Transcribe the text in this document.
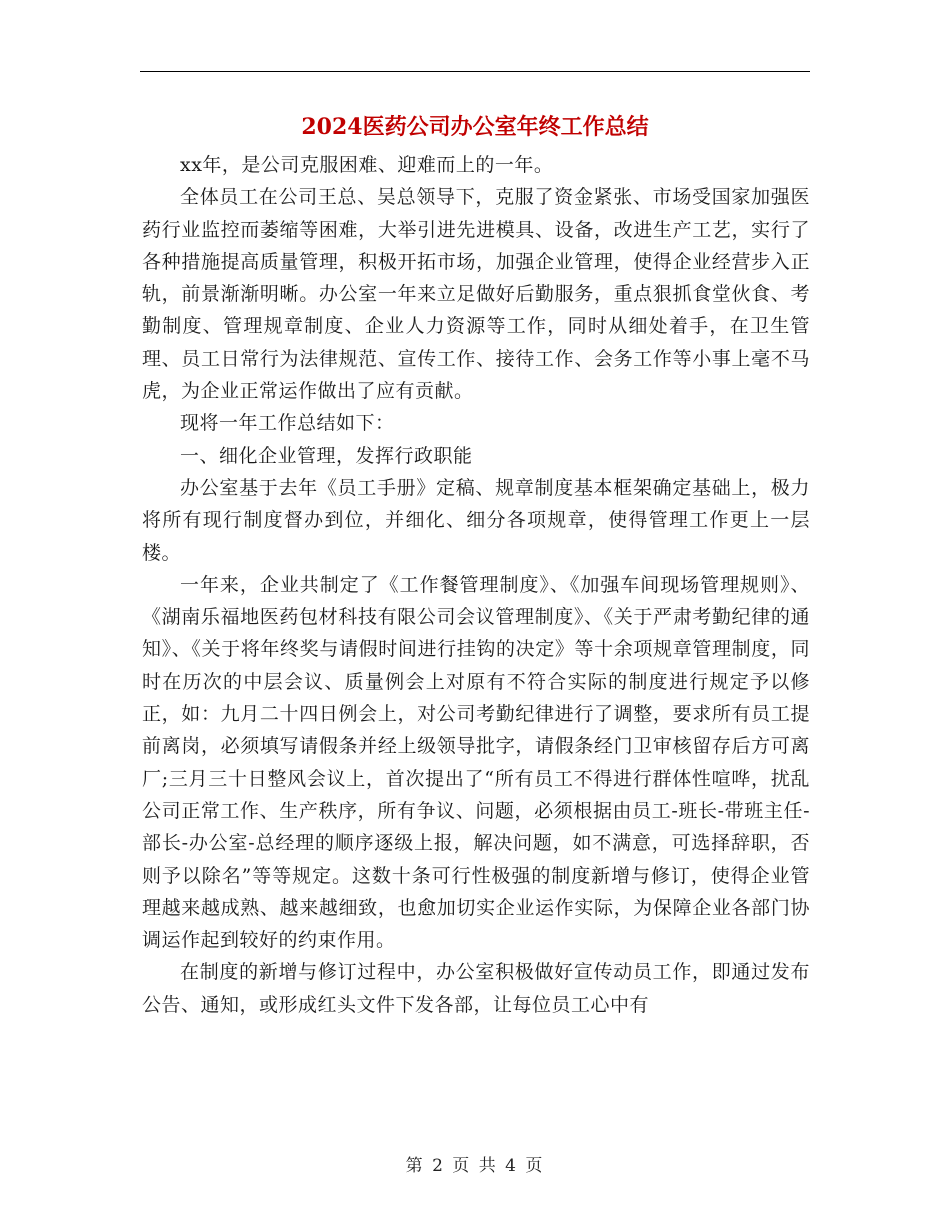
2024医药公司办公室年终工作总结

xx年，是公司克服困难、迎难而上的一年。

全体员工在公司王总、吴总领导下，克服了资金紧张、市场受国家加强医药行业监控而萎缩等困难，大举引进先进模具、设备，改进生产工艺，实行了各种措施提高质量管理，积极开拓市场，加强企业管理，使得企业经营步入正轨，前景渐渐明晰。办公室一年来立足做好后勤服务，重点狠抓食堂伙食、考勤制度、管理规章制度、企业人力资源等工作，同时从细处着手，在卫生管理、员工日常行为法律规范、宣传工作、接待工作、会务工作等小事上毫不马虎，为企业正常运作做出了应有贡献。

现将一年工作总结如下：

一、细化企业管理，发挥行政职能

办公室基于去年《员工手册》定稿、规章制度基本框架确定基础上，极力将所有现行制度督办到位，并细化、细分各项规章，使得管理工作更上一层楼。

一年来，企业共制定了《工作餐管理制度》、《加强车间现场管理规则》、《湖南乐福地医药包材科技有限公司会议管理制度》、《关于严肃考勤纪律的通知》、《关于将年终奖与请假时间进行挂钩的决定》等十余项规章管理制度，同时在历次的中层会议、质量例会上对原有不符合实际的制度进行规定予以修正，如：九月二十四日例会上，对公司考勤纪律进行了调整，要求所有员工提前离岗，必须填写请假条并经上级领导批字，请假条经门卫审核留存后方可离厂;三月三十日整风会议上，首次提出了“所有员工不得进行群体性喧哗，扰乱公司正常工作、生产秩序，所有争议、问题，必须根据由员工-班长-带班主任-部长-办公室-总经理的顺序逐级上报，解决问题，如不满意，可选择辞职，否则予以除名”等等规定。这数十条可行性极强的制度新增与修订，使得企业管理越来越成熟、越来越细致，也愈加切实企业运作实际，为保障企业各部门协调运作起到较好的约束作用。

在制度的新增与修订过程中，办公室积极做好宣传动员工作，即通过发布公告、通知，或形成红头文件下发各部，让每位员工心中有

第 2 页 共 4 页
